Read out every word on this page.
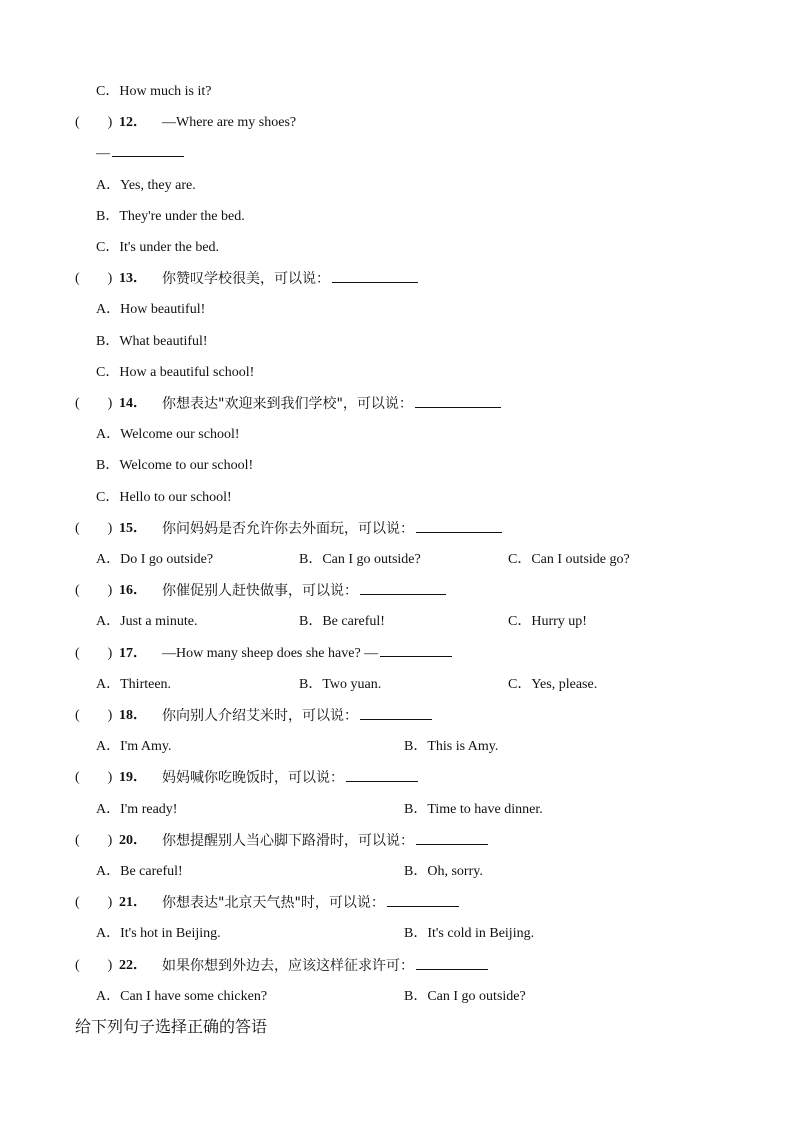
C．How much is it?
(　　) 12． —Where are my shoes?
—
A．Yes, they are.
B．They're under the bed.
C．It's under the bed.
(　　) 13． 你赞叹学校很美，可以说：
A．How beautiful!
B．What beautiful!
C．How a beautiful school!
(　　) 14． 你想表达"欢迎来到我们学校"，可以说：
A．Welcome our school!
B．Welcome to our school!
C．Hello to our school!
(　　) 15． 你问妈妈是否允许你去外面玩，可以说：
A．Do I go outside?	B．Can I go outside?	C．Can I outside go?
(　　) 16． 你催促别人赶快做事，可以说：
A．Just a minute.	B．Be careful!	C．Hurry up!
(　　) 17． —How many sheep does she have? —
A．Thirteen.	B．Two yuan.	C．Yes, please.
(　　) 18． 你向别人介绍艾米时，可以说：
A．I'm Amy.	B．This is Amy.
(　　) 19． 妈妈喊你吃晚饭时，可以说：
A．I'm ready!	B．Time to have dinner.
(　　) 20． 你想提醒别人当心脚下路滑时，可以说：
A．Be careful!	B．Oh, sorry.
(　　) 21． 你想表达"北京天气热"时，可以说：
A．It's hot in Beijing.	B．It's cold in Beijing.
(　　) 22． 如果你想到外边去，应该这样征求许可：
A．Can I have some chicken?	B．Can I go outside?
给下列句子选择正确的答语
